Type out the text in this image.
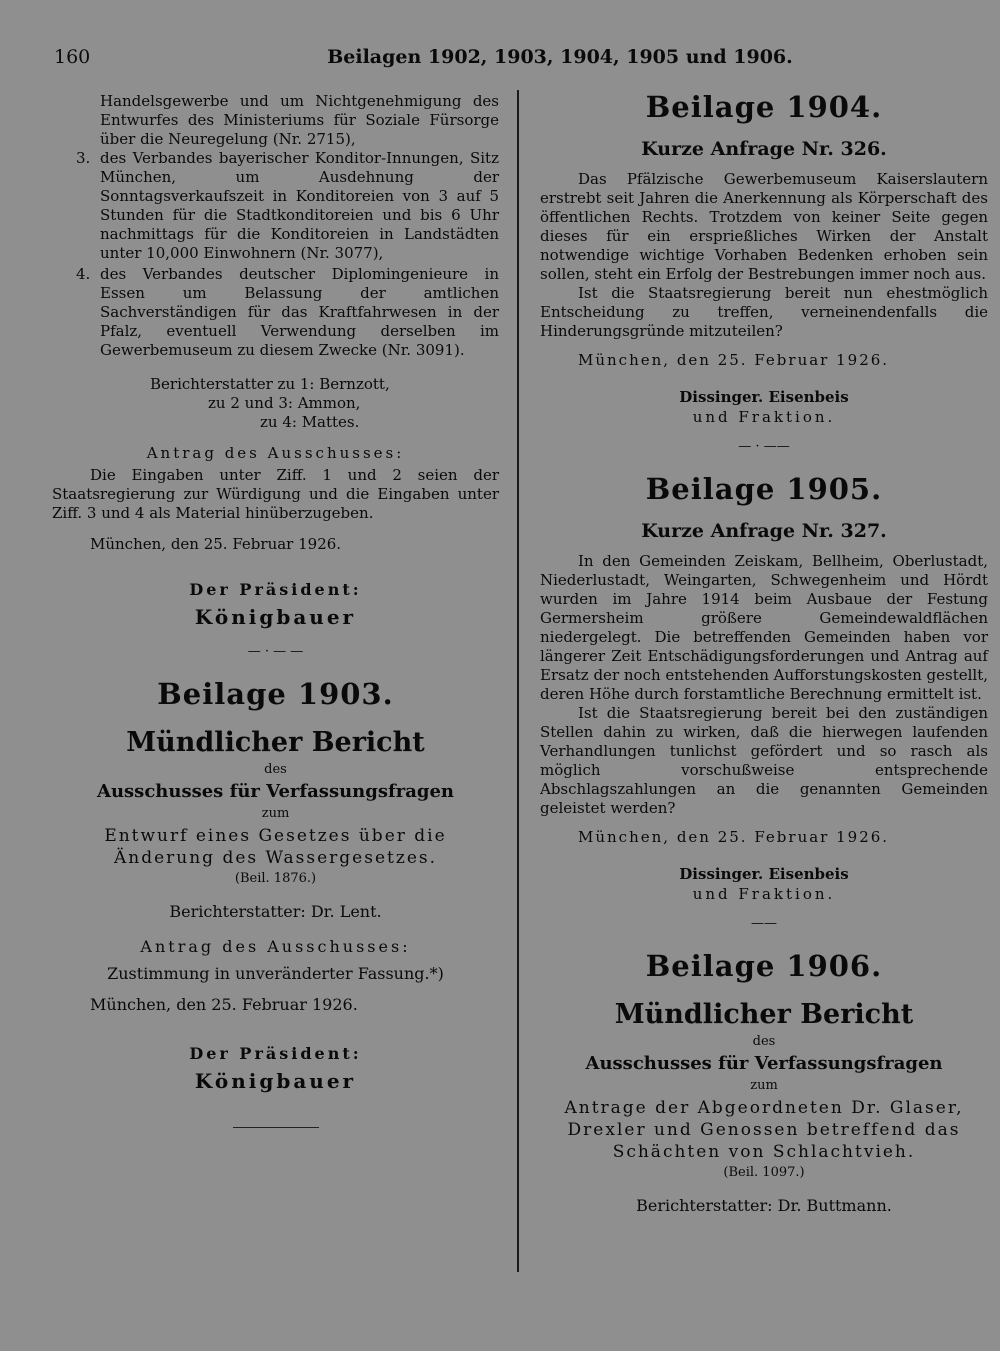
160	Beilagen 1902, 1903, 1904, 1905 und 1906.

Handelsgewerbe und um Nichtgenehmigung des Entwurfes des Ministeriums für Soziale Fürsorge über die Neuregelung (Nr. 2715),

3. des Verbandes bayerischer Konditor-Innungen, Sitz München, um Ausdehnung der Sonntagsverkaufszeit in Konditoreien von 3 auf 5 Stunden für die Stadtkonditoreien und bis 6 Uhr nachmittags für die Konditoreien in Landstädten unter 10,000 Einwohnern (Nr. 3077),
4. des Verbandes deutscher Diplomingenieure in Essen um Belassung der amtlichen Sachverständigen für das Kraftfahrwesen in der Pfalz, eventuell Verwendung derselben im Gewerbemuseum zu diesem Zwecke (Nr. 3091).
Berichterstatter zu 1: Bernzott,
zu 2 und 3: Ammon,
zu 4: Mattes.

Antrag des Ausschusses:

Die Eingaben unter Ziff. 1 und 2 seien der Staatsregierung zur Würdigung und die Eingaben unter Ziff. 3 und 4 als Material hinüberzugeben.

München, den 25. Februar 1926.

Der Präsident:

Königbauer

— · — —

Beilage 1903.

Mündlicher Bericht

des

Ausschusses für Verfassungsfragen

zum

Entwurf eines Gesetzes über die Änderung des Wassergesetzes.

(Beil. 1876.)

Berichterstatter: Dr. Lent.

Antrag des Ausschusses:

Zustimmung in unveränderter Fassung.*)

München, den 25. Februar 1926.

Der Präsident:

Königbauer

Beilage 1904.

Kurze Anfrage Nr. 326.

Das Pfälzische Gewerbemuseum Kaiserslautern erstrebt seit Jahren die Anerkennung als Körperschaft des öffentlichen Rechts. Trotzdem von keiner Seite gegen dieses für ein ersprießliches Wirken der Anstalt notwendige wichtige Vorhaben Bedenken erhoben sein sollen, steht ein Erfolg der Bestrebungen immer noch aus.

Ist die Staatsregierung bereit nun ehestmöglich Entscheidung zu treffen, verneinendenfalls die Hinderungsgründe mitzuteilen?

München, den 25. Februar 1926.

Dissinger. Eisenbeis

und Fraktion.

— · ——

Beilage 1905.

Kurze Anfrage Nr. 327.

In den Gemeinden Zeiskam, Bellheim, Oberlustadt, Niederlustadt, Weingarten, Schwegenheim und Hördt wurden im Jahre 1914 beim Ausbaue der Festung Germersheim größere Gemeindewaldflächen niedergelegt. Die betreffenden Gemeinden haben vor längerer Zeit Entschädigungsforderungen und Antrag auf Ersatz der noch entstehenden Aufforstungskosten gestellt, deren Höhe durch forstamtliche Berechnung ermittelt ist.

Ist die Staatsregierung bereit bei den zuständigen Stellen dahin zu wirken, daß die hierwegen laufenden Verhandlungen tunlichst gefördert und so rasch als möglich vorschußweise entsprechende Abschlagszahlungen an die genannten Gemeinden geleistet werden?

München, den 25. Februar 1926.

Dissinger. Eisenbeis

und Fraktion.

——

Beilage 1906.

Mündlicher Bericht

des

Ausschusses für Verfassungsfragen

zum

Antrage der Abgeordneten Dr. Glaser, Drexler und Genossen betreffend das Schächten von Schlachtvieh.

(Beil. 1097.)

Berichterstatter: Dr. Buttmann.
